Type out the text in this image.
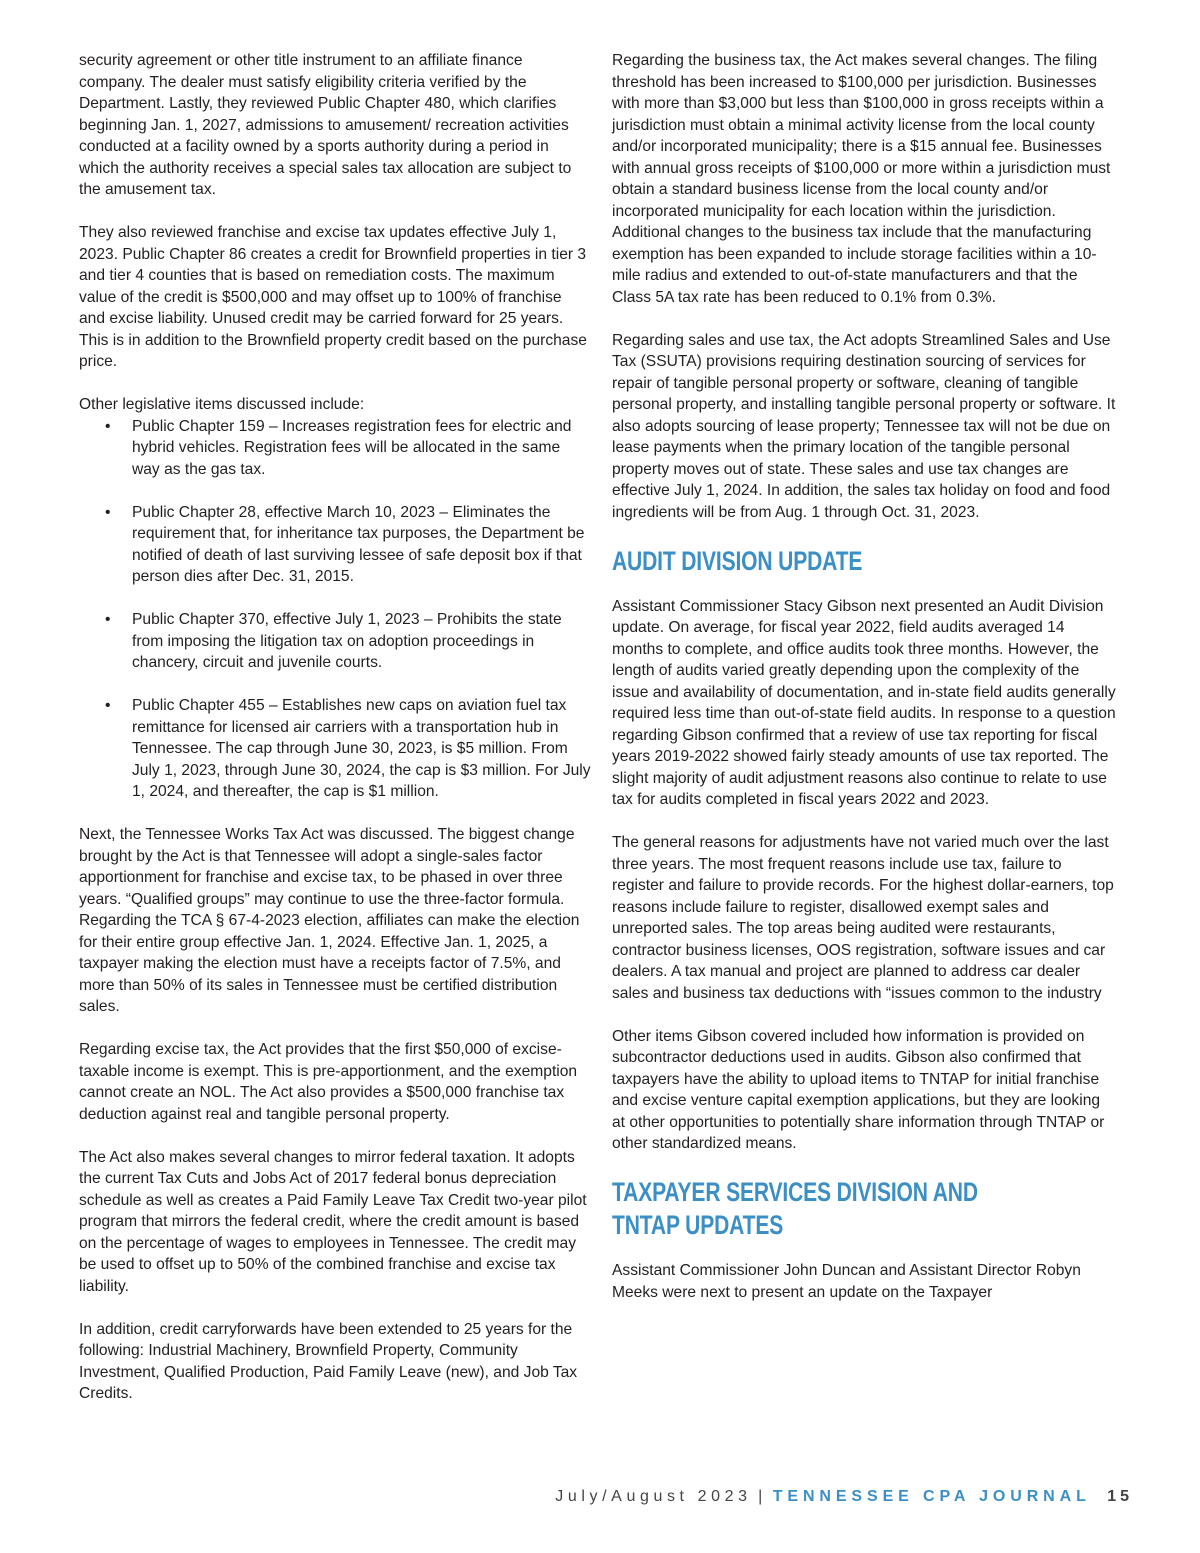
security agreement or other title instrument to an affiliate finance company. The dealer must satisfy eligibility criteria verified by the Department. Lastly, they reviewed Public Chapter 480, which clarifies beginning Jan. 1, 2027, admissions to amusement/ recreation activities conducted at a facility owned by a sports authority during a period in which the authority receives a special sales tax allocation are subject to the amusement tax.

They also reviewed franchise and excise tax updates effective July 1, 2023. Public Chapter 86 creates a credit for Brownfield properties in tier 3 and tier 4 counties that is based on remediation costs. The maximum value of the credit is $500,000 and may offset up to 100% of franchise and excise liability. Unused credit may be carried forward for 25 years. This is in addition to the Brownfield property credit based on the purchase price.

Other legislative items discussed include:

• Public Chapter 159 – Increases registration fees for electric and hybrid vehicles. Registration fees will be allocated in the same way as the gas tax.
• Public Chapter 28, effective March 10, 2023 – Eliminates the requirement that, for inheritance tax purposes, the Department be notified of death of last surviving lessee of safe deposit box if that person dies after Dec. 31, 2015.
• Public Chapter 370, effective July 1, 2023 – Prohibits the state from imposing the litigation tax on adoption proceedings in chancery, circuit and juvenile courts.
• Public Chapter 455 – Establishes new caps on aviation fuel tax remittance for licensed air carriers with a transportation hub in Tennessee. The cap through June 30, 2023, is $5 million. From July 1, 2023, through June 30, 2024, the cap is $3 million. For July 1, 2024, and thereafter, the cap is $1 million.

Next, the Tennessee Works Tax Act was discussed. The biggest change brought by the Act is that Tennessee will adopt a single-sales factor apportionment for franchise and excise tax, to be phased in over three years. “Qualified groups” may continue to use the three-factor formula. Regarding the TCA § 67-4-2023 election, affiliates can make the election for their entire group effective Jan. 1, 2024. Effective Jan. 1, 2025, a taxpayer making the election must have a receipts factor of 7.5%, and more than 50% of its sales in Tennessee must be certified distribution sales.

Regarding excise tax, the Act provides that the first $50,000 of excise-taxable income is exempt. This is pre-apportionment, and the exemption cannot create an NOL. The Act also provides a $500,000 franchise tax deduction against real and tangible personal property.

The Act also makes several changes to mirror federal taxation. It adopts the current Tax Cuts and Jobs Act of 2017 federal bonus depreciation schedule as well as creates a Paid Family Leave Tax Credit two-year pilot program that mirrors the federal credit, where the credit amount is based on the percentage of wages to employees in Tennessee. The credit may be used to offset up to 50% of the combined franchise and excise tax liability.

In addition, credit carryforwards have been extended to 25 years for the following: Industrial Machinery, Brownfield Property, Community Investment, Qualified Production, Paid Family Leave (new), and Job Tax Credits.

Regarding the business tax, the Act makes several changes. The filing threshold has been increased to $100,000 per jurisdiction. Businesses with more than $3,000 but less than $100,000 in gross receipts within a jurisdiction must obtain a minimal activity license from the local county and/or incorporated municipality; there is a $15 annual fee. Businesses with annual gross receipts of $100,000 or more within a jurisdiction must obtain a standard business license from the local county and/or incorporated municipality for each location within the jurisdiction. Additional changes to the business tax include that the manufacturing exemption has been expanded to include storage facilities within a 10-mile radius and extended to out-of-state manufacturers and that the Class 5A tax rate has been reduced to 0.1% from 0.3%.

Regarding sales and use tax, the Act adopts Streamlined Sales and Use Tax (SSUTA) provisions requiring destination sourcing of services for repair of tangible personal property or software, cleaning of tangible personal property, and installing tangible personal property or software. It also adopts sourcing of lease property; Tennessee tax will not be due on lease payments when the primary location of the tangible personal property moves out of state. These sales and use tax changes are effective July 1, 2024. In addition, the sales tax holiday on food and food ingredients will be from Aug. 1 through Oct. 31, 2023.

AUDIT DIVISION UPDATE

Assistant Commissioner Stacy Gibson next presented an Audit Division update. On average, for fiscal year 2022, field audits averaged 14 months to complete, and office audits took three months. However, the length of audits varied greatly depending upon the complexity of the issue and availability of documentation, and in-state field audits generally required less time than out-of-state field audits. In response to a question regarding Gibson confirmed that a review of use tax reporting for fiscal years 2019-2022 showed fairly steady amounts of use tax reported. The slight majority of audit adjustment reasons also continue to relate to use tax for audits completed in fiscal years 2022 and 2023.

The general reasons for adjustments have not varied much over the last three years. The most frequent reasons include use tax, failure to register and failure to provide records. For the highest dollar-earners, top reasons include failure to register, disallowed exempt sales and unreported sales. The top areas being audited were restaurants, contractor business licenses, OOS registration, software issues and car dealers. A tax manual and project are planned to address car dealer sales and business tax deductions with “issues common to the industry

Other items Gibson covered included how information is provided on subcontractor deductions used in audits. Gibson also confirmed that taxpayers have the ability to upload items to TNTAP for initial franchise and excise venture capital exemption applications, but they are looking at other opportunities to potentially share information through TNTAP or other standardized means.

TAXPAYER SERVICES DIVISION AND
TNTAP UPDATES

Assistant Commissioner John Duncan and Assistant Director Robyn Meeks were next to present an update on the Taxpayer

July/August 2023 | TENNESSEE CPA JOURNAL 15
